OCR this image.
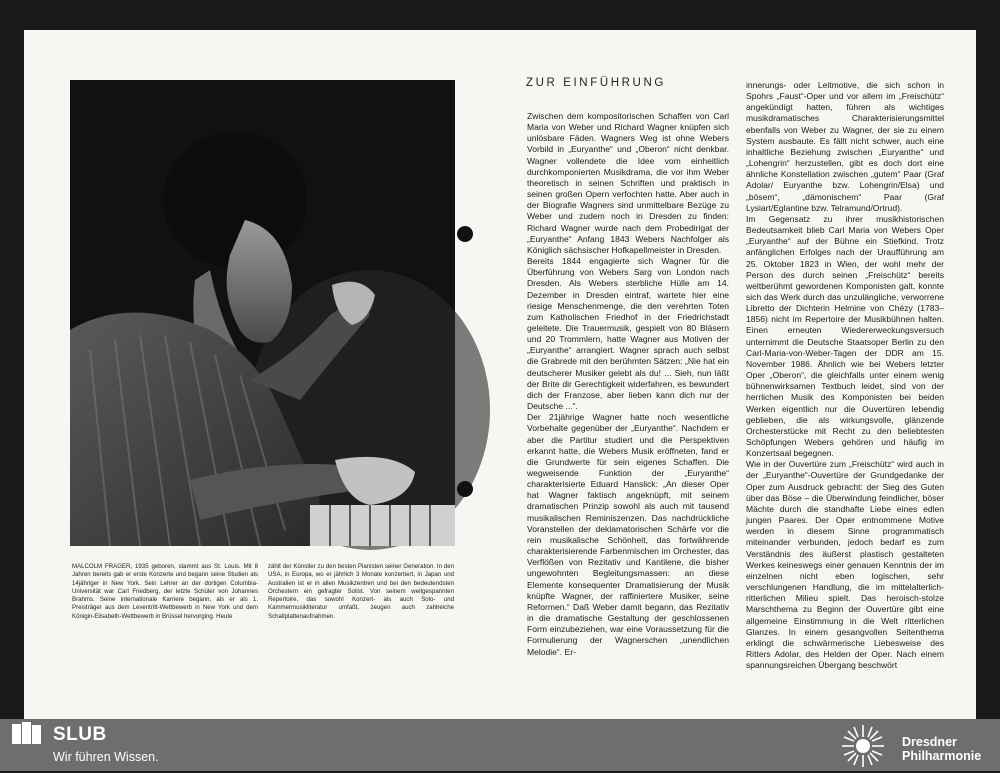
MALCOLM FRAGER, 1935 geboren, stammt aus St. Louis. Mit 8 Jahren bereits gab er erste Konzerte und begann seine Studien als 14jähriger in New York. Sein Lehrer an der dortigen Columbia-Universität war Carl Friedberg, der letzte Schüler von Johannes Brahms. Seine internationale Karriere begann, als er als 1. Preisträger aus dem Leventritt-Wettbewerb in New York und dem Königin-Elisabeth-Wettbewerb in Brüssel hervorging. Heute
zählt der Künstler zu den besten Pianisten seiner Generation. In den USA, in Europa, wo er jährlich 3 Monate konzertiert, in Japan und Australien ist er in allen Musikzentren und bei den bedeutendsten Orchestern ein gefragter Solist. Von seinem weitgespannten Repertoire, das sowohl Konzert- als auch Solo- und Kammermusikliteratur umfaßt, zeugen auch zahlreiche Schallplattenaufnahmen.
ZUR EINFÜHRUNG

Zwischen dem kompositorischen Schaffen von Carl Maria von Weber und Richard Wagner knüpfen sich unlösbare Fäden. Wagners Weg ist ohne Webers Vorbild in „Euryanthe“ und „Oberon“ nicht denkbar. Wagner vollendete die Idee vom einheitlich durchkomponierten Musikdrama, die vor ihm Weber theoretisch in seinen Schriften und praktisch in seinen großen Opern verfochten hatte. Aber auch in der Biografie Wagners sind unmittelbare Bezüge zu Weber und zudem noch in Dresden zu finden: Richard Wagner wurde nach dem Probedirigat der „Euryanthe“ Anfang 1843 Webers Nachfolger als Königlich sächsischer Hofkapellmeister in Dresden.

Bereits 1844 engagierte sich Wagner für die Überführung von Webers Sarg von London nach Dresden. Als Webers sterbliche Hülle am 14. Dezember in Dresden eintraf, wartete hier eine riesige Menschenmenge, die den verehrten Toten zum Katholischen Friedhof in der Friedrichstadt geleitete. Die Trauermusik, gespielt von 80 Bläsern und 20 Trommlern, hatte Wagner aus Motiven der „Euryanthe“ arrangiert. Wagner sprach auch selbst die Grabrede mit den berühmten Sätzen: „Nie hat ein deutscherer Musiker gelebt als du! ... Sieh, nun läßt der Brite dir Gerechtigkeit widerfahren, es bewundert dich der Franzose, aber lieben kann dich nur der Deutsche ...“.

Der 21jährige Wagner hatte noch wesentliche Vorbehalte gegenüber der „Euryanthe“. Nachdem er aber die Partitur studiert und die Perspektiven erkannt hatte, die Webers Musik eröffneten, fand er die Grundwerte für sein eigenes Schaffen. Die wegweisende Funktion der „Euryanthe“ charakterisierte Eduard Hanslick: „An dieser Oper hat Wagner faktisch angeknüpft, mit seinem dramatischen Prinzip sowohl als auch mit tausend musikalischen Reminiszenzen. Das nachdrückliche Voranstellen der deklamatorischen Schärfe vor die rein musikalische Schönheit, das fortwährende charakterisierende Farbenmischen im Orchester, das Verflößen von Rezitativ und Kantilene, die bisher ungewohnten Begleitungsmassen: an diese Elemente konsequenter Dramatisierung der Musik knüpfte Wagner, der raffiniertere Musiker, seine Reformen.“ Daß Weber damit begann, das Rezitativ in die dramatische Gestaltung der geschlossenen Form einzubeziehen, war eine Voraussetzung für die Formulierung der Wagnerschen „unendlichen Melodie“. Er-

innerungs- oder Leitmotive, die sich schon in Spohrs „Faust“-Oper und vor allem im „Freischütz“ angekündigt hatten, führen als wichtiges musikdramatisches Charakterisierungsmittel ebenfalls von Weber zu Wagner, der sie zu einem System ausbaute. Es fällt nicht schwer, auch eine inhaltliche Beziehung zwischen „Euryanthe“ und „Lohengrin“ herzustellen, gibt es doch dort eine ähnliche Konstellation zwischen „gutem“ Paar (Graf Adolar/ Euryanthe bzw. Lohengrin/Elsa) und „bösem“, „dämonischem“ Paar (Graf Lysiart/Eglantine bzw. Telramund/Ortrud).

Im Gegensatz zu ihrer musikhistorischen Bedeutsamkeit blieb Carl Maria von Webers Oper „Euryanthe“ auf der Bühne ein Stiefkind. Trotz anfänglichen Erfolges nach der Uraufführung am 25. Oktober 1823 in Wien, der wohl mehr der Person des durch seinen „Freischütz“ bereits weltberühmt gewordenen Komponisten galt, konnte sich das Werk durch das unzulängliche, verworrene Libretto der Dichterin Helmine von Chézy (1783–1856) nicht im Repertoire der Musikbühnen halten. Einen erneuten Wiedererweckungsversuch unternimmt die Deutsche Staatsoper Berlin zu den Carl-Maria-von-Weber-Tagen der DDR am 15. November 1986. Ähnlich wie bei Webers letzter Oper „Oberon“, die gleichfalls unter einem wenig bühnenwirksamen Textbuch leidet, sind von der herrlichen Musik des Komponisten bei beiden Werken eigentlich nur die Ouvertüren lebendig geblieben, die als wirkungsvolle, glänzende Orchesterstücke mit Recht zu den beliebtesten Schöpfungen Webers gehören und häufig im Konzertsaal begegnen.

Wie in der Ouvertüre zum „Freischütz“ wird auch in der „Euryanthe“-Ouvertüre der Grundgedanke der Oper zum Ausdruck gebracht: der Sieg des Guten über das Böse – die Überwindung feindlicher, böser Mächte durch die standhafte Liebe eines edlen jungen Paares. Der Oper entnommene Motive werden in diesem Sinne programmatisch miteinander verbunden, jedoch bedarf es zum Verständnis des äußerst plastisch gestalteten Werkes keineswegs einer genauen Kenntnis der im einzelnen nicht eben logischen, sehr verschlungenen Handlung, die im mittelalterlich-ritterlichen Milieu spielt. Das heroisch-stolze Marschthema zu Beginn der Ouvertüre gibt eine allgemeine Einstimmung in die Welt ritterlichen Glanzes. In einem gesangvollen Seitenthema erklingt die schwärmerische Liebesweise des Ritters Adolar, des Helden der Oper. Nach einem spannungsreichen Übergang beschwört

SLUB
Wir führen Wissen.
Dresdner
Philharmonie
